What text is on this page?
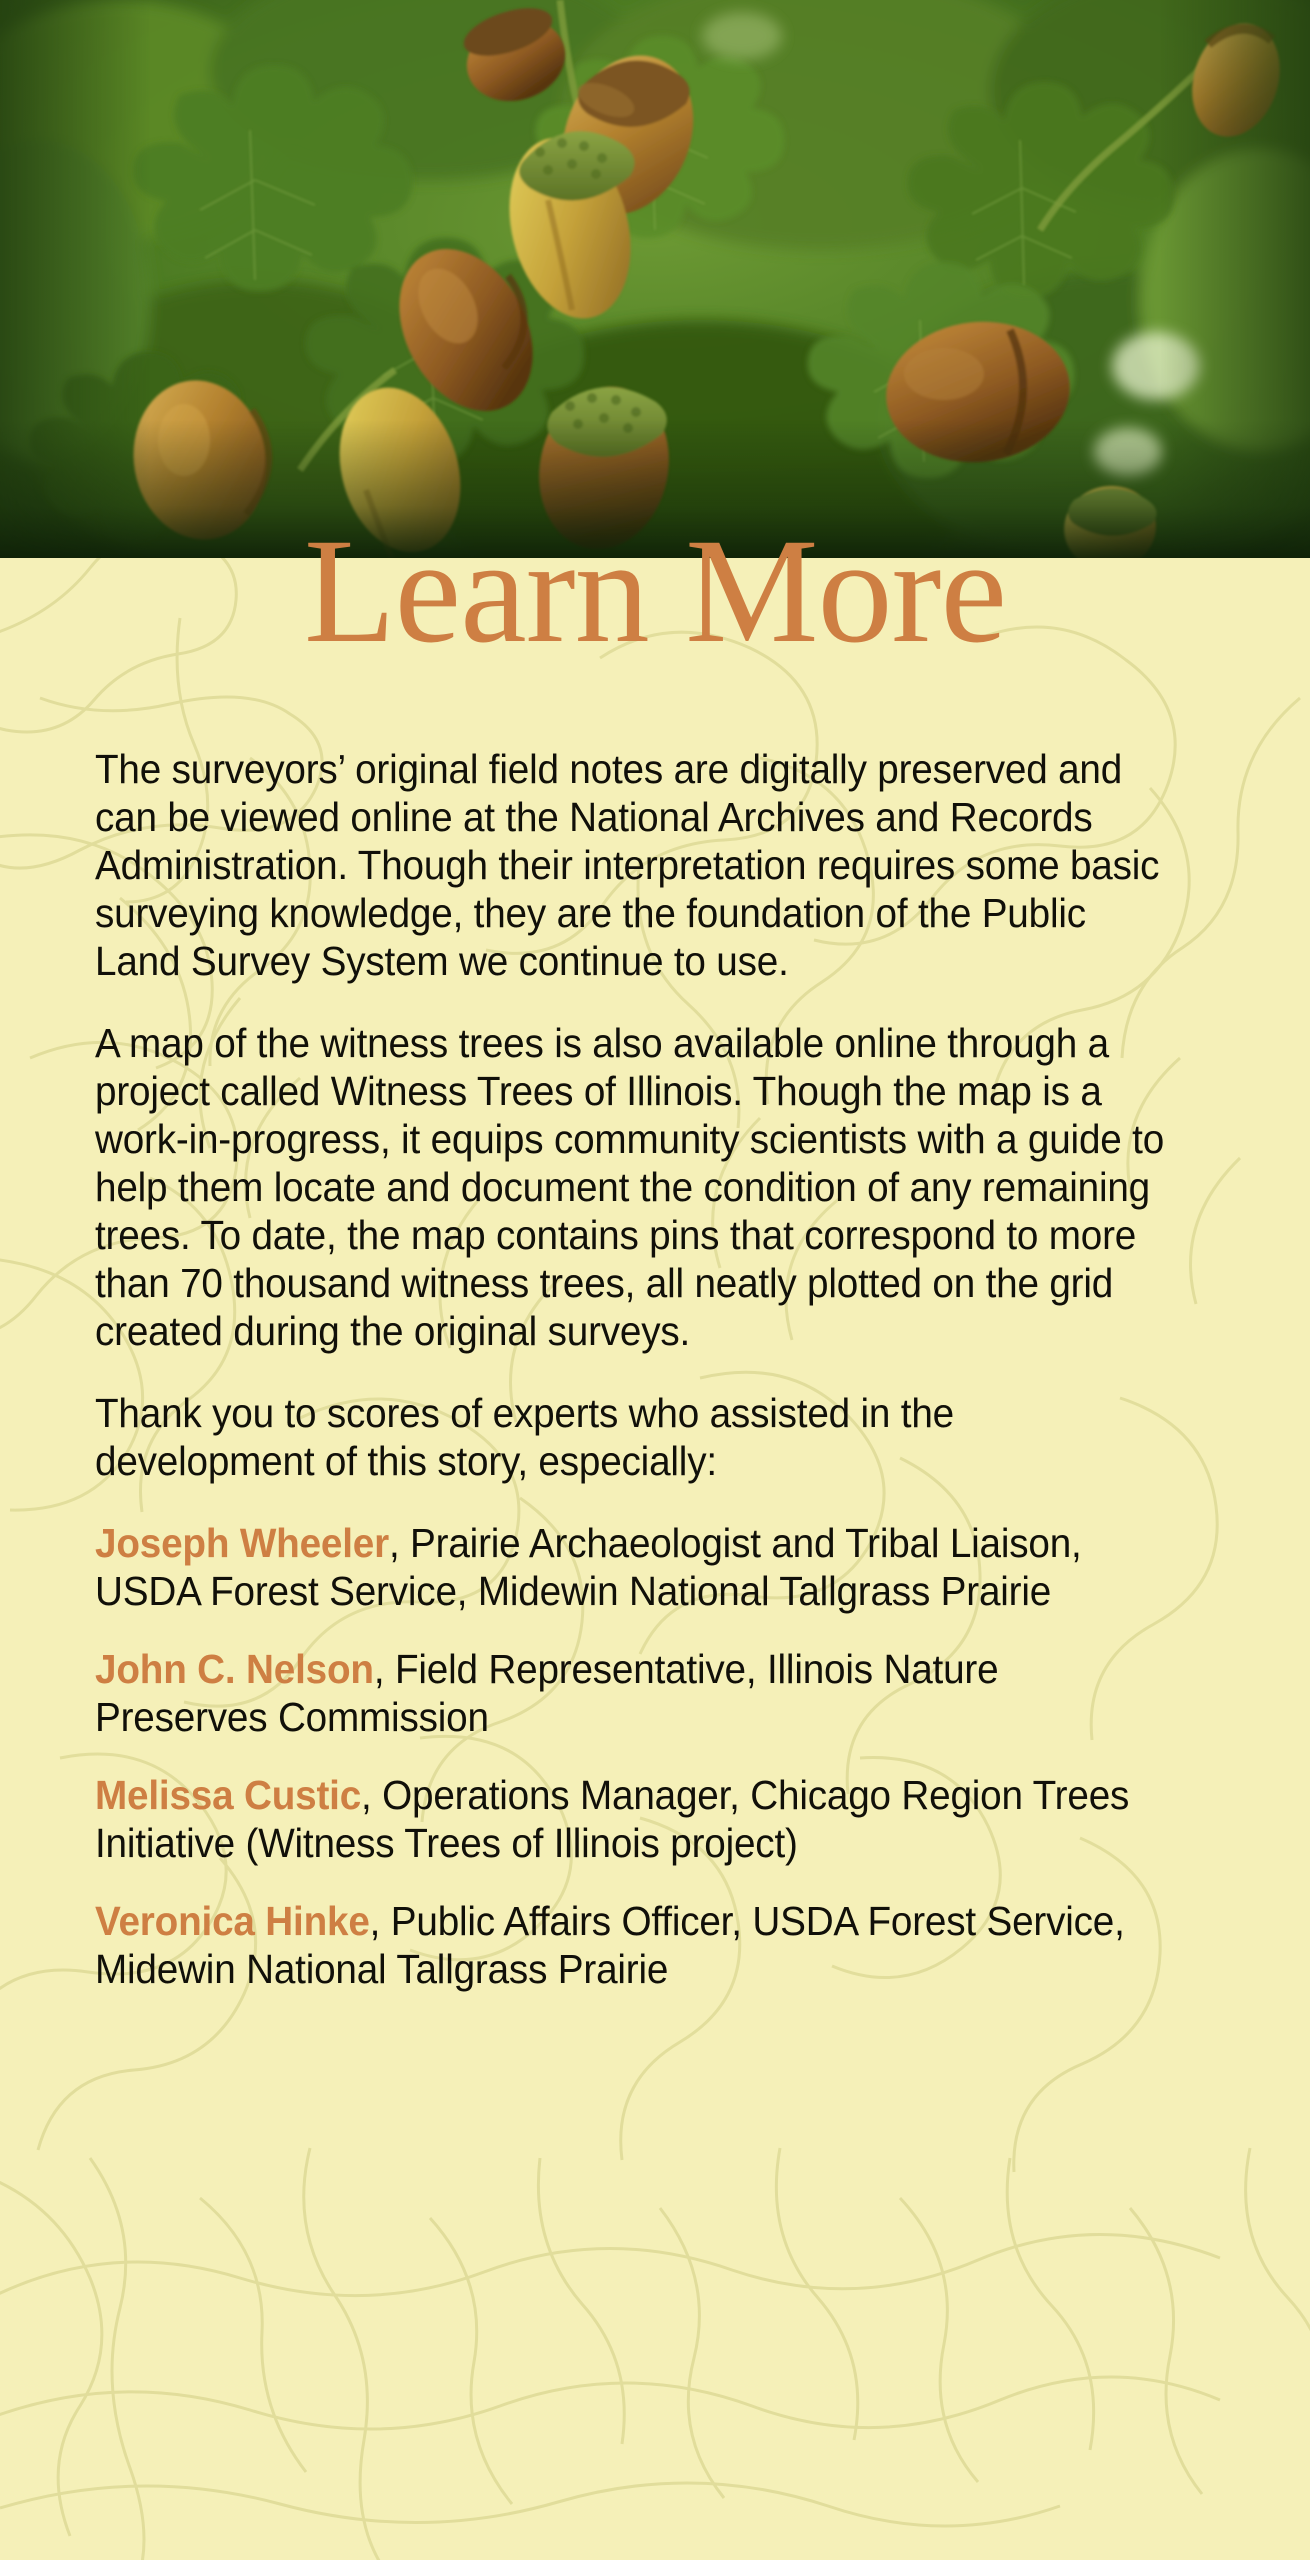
Learn More

The surveyors’ original field notes are digitally preserved and can be viewed online at the National Archives and Records Administration. Though their interpretation requires some basic surveying knowledge, they are the foundation of the Public Land Survey System we continue to use.

A map of the witness trees is also available online through a project called Witness Trees of Illinois. Though the map is a work-in-progress, it equips community scientists with a guide to help them locate and document the condition of any remaining trees. To date, the map contains pins that correspond to more than 70 thousand witness trees, all neatly plotted on the grid created during the original surveys.

Thank you to scores of experts who assisted in the development of this story, especially:

Joseph Wheeler, Prairie Archaeologist and Tribal Liaison, USDA Forest Service, Midewin National Tallgrass Prairie

John C. Nelson, Field Representative, Illinois Nature Preserves Commission

Melissa Custic, Operations Manager, Chicago Region Trees Initiative (Witness Trees of Illinois project)

Veronica Hinke, Public Affairs Officer, USDA Forest Service, Midewin National Tallgrass Prairie
